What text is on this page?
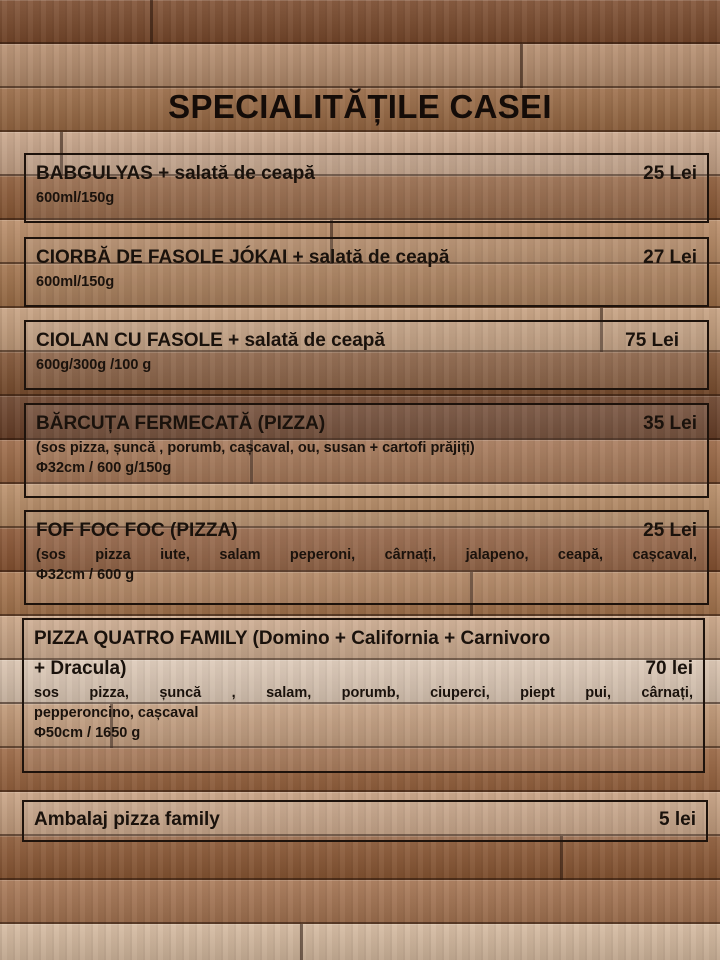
SPECIALITĂȚILE CASEI
BABGULYAS + salată de ceapă	25 Lei
600ml/150g
CIORBĂ DE FASOLE JÓKAI + salată de ceapă	27 Lei
600ml/150g
CIOLAN CU FASOLE + salată de ceapă	75 Lei
600g/300g /100 g
BĂRCUȚA FERMECATĂ (PIZZA)	35 Lei
(sos pizza, șuncă , porumb, cașcaval, ou, susan + cartofi prăjiți)
Φ32cm / 600 g/150g
FOF FOC FOC (PIZZA)	25 Lei
(sos pizza iute, salam peperoni, cârnați, jalapeno, ceapă, cașcaval,
Φ32cm / 600 g
PIZZA QUATRO FAMILY (Domino + California + Carnivoro
+ Dracula)	70 lei
sos pizza, șuncă , salam, porumb, ciuperci, piept pui, cârnați,
pepperoncino, cașcaval
Φ50cm / 1650 g
Ambalaj pizza family	5 lei
